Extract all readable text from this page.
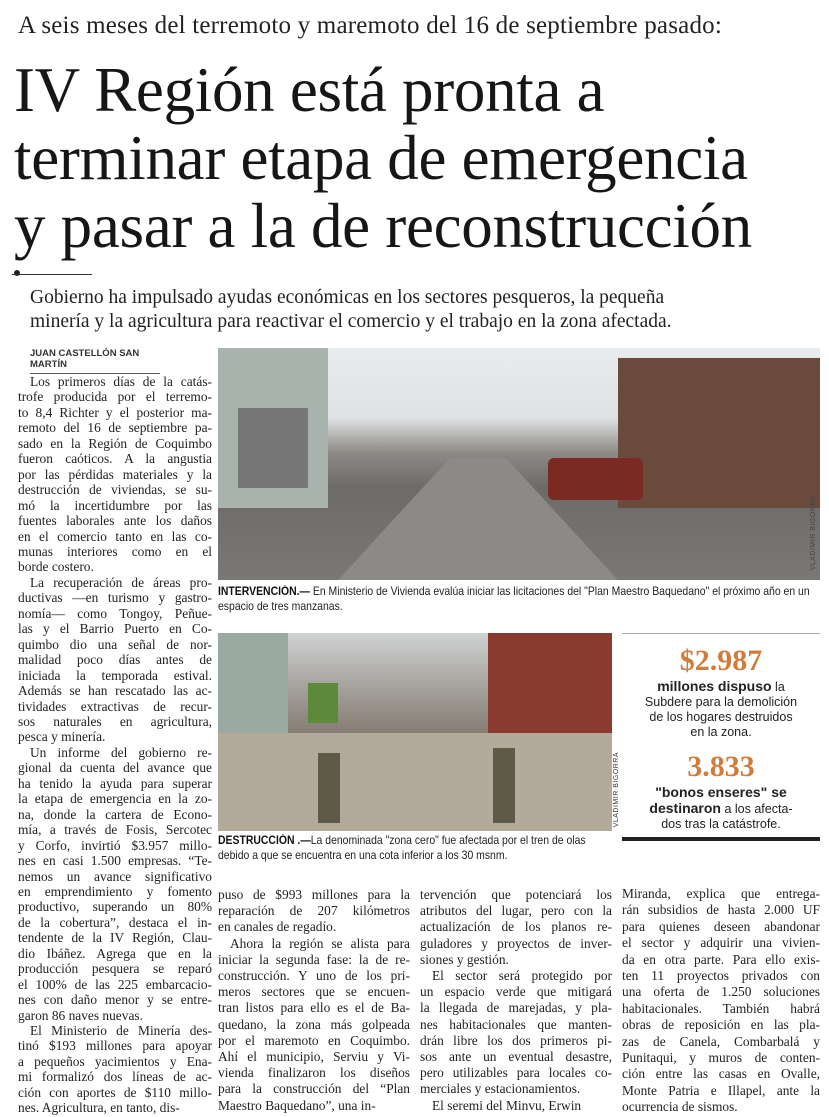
A seis meses del terremoto y maremoto del 16 de septiembre pasado:
IV Región está pronta a
terminar etapa de emergencia
y pasar a la de reconstrucción
Gobierno ha impulsado ayudas económicas en los sectores pesqueros, la pequeña
minería y la agricultura para reactivar el comercio y el trabajo en la zona afectada.
JUAN CASTELLÓN SAN MARTÍN
Los primeros días de la catás-
trofe producida por el terremo-
to 8,4 Richter y el posterior ma-
remoto del 16 de septiembre pa-
sado en la Región de Coquimbo
fueron caóticos. A la angustia
por las pérdidas materiales y la
destrucción de viviendas, se su-
mó la incertidumbre por las
fuentes laborales ante los daños
en el comercio tanto en las co-
munas interiores como en el
borde costero.
La recuperación de áreas pro-
ductivas —en turismo y gastro-
nomía— como Tongoy, Peñue-
las y el Barrio Puerto en Co-
quimbo dio una señal de nor-
malidad poco días antes de
iniciada la temporada estival.
Además se han rescatado las ac-
tividades extractivas de recur-
sos naturales en agricultura,
pesca y minería.
Un informe del gobierno re-
gional da cuenta del avance que
ha tenido la ayuda para superar
la etapa de emergencia en la zo-
na, donde la cartera de Econo-
mía, a través de Fosis, Sercotec
y Corfo, invirtió $3.957 millo-
nes en casi 1.500 empresas. “Te-
nemos un avance significativo
en emprendimiento y fomento
productivo, superando un 80%
de la cobertura”, destaca el in-
tendente de la IV Región, Clau-
dio Ibáñez. Agrega que en la
producción pesquera se reparó
el 100% de las 225 embarcacio-
nes con daño menor y se entre-
garon 86 naves nuevas.
El Ministerio de Minería des-
tinó $193 millones para apoyar
a pequeños yacimientos y Ena-
mi formalizó dos líneas de ac-
ción con aportes de $110 millo-
nes. Agricultura, en tanto, dis-
puso de $993 millones para la
reparación de 207 kilómetros
en canales de regadío.
Ahora la región se alista para
iniciar la segunda fase: la de re-
construcción. Y uno de los pri-
meros sectores que se encuen-
tran listos para ello es el de Ba-
quedano, la zona más golpeada
por el maremoto en Coquimbo.
Ahí el municipio, Serviu y Vi-
vienda finalizaron los diseños
para la construcción del “Plan
Maestro Baquedano”, una in-
tervención que potenciará los
atributos del lugar, pero con la
actualización de los planos re-
guladores y proyectos de inver-
siones y gestión.
El sector será protegido por
un espacio verde que mitigará
la llegada de marejadas, y pla-
nes habitacionales que manten-
drán libre los dos primeros pi-
sos ante un eventual desastre,
pero utilizables para locales co-
merciales y estacionamientos.
El seremi del Minvu, Erwin
Miranda, explica que entrega-
rán subsidios de hasta 2.000 UF
para quienes deseen abandonar
el sector y adquirir una vivien-
da en otra parte. Para ello exis-
ten 11 proyectos privados con
una oferta de 1.250 soluciones
habitacionales. También habrá
obras de reposición en las pla-
zas de Canela, Combarbalá y
Punitaqui, y muros de conten-
ción entre las casas en Ovalle,
Monte Patria e Illapel, ante la
ocurrencia de sismos.
VLADIMIR BIGORRA
INTERVENCIÓN.— En Ministerio de Vivienda evalúa iniciar las licitaciones del "Plan Maestro Baquedano" el próximo año en un espacio de tres manzanas.
VLADIMIR BIGORRA
DESTRUCCIÓN .—La denominada "zona cero" fue afectada por el tren de olas debido a que se encuentra en una cota inferior a los 30 msnm.
$2.987
millones dispuso la Subdere para la demolición de los hogares destruidos en la zona.
3.833
"bonos enseres" se
destinaron a los afecta-dos tras la catástrofe.
